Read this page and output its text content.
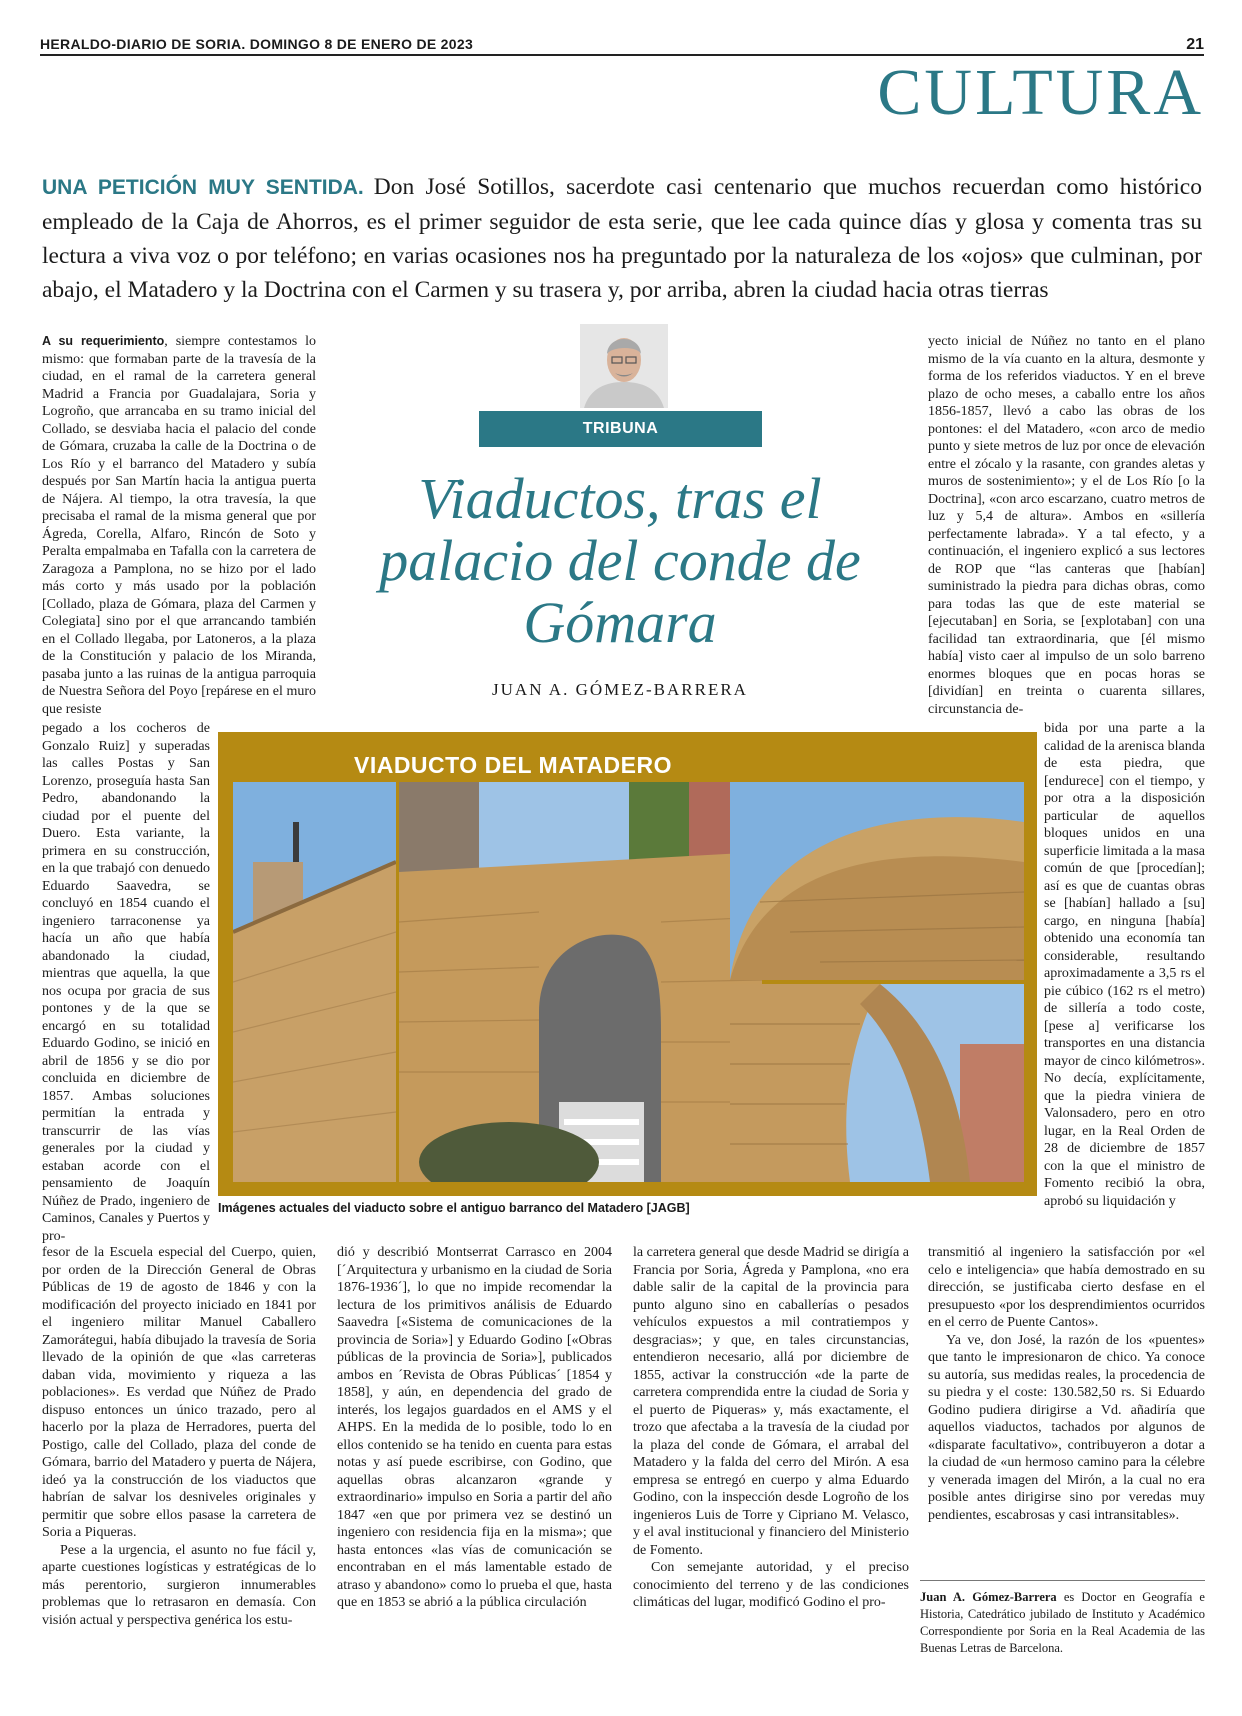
HERALDO-DIARIO DE SORIA. DOMINGO 8 DE ENERO DE 2023	21
CULTURA
UNA PETICIÓN MUY SENTIDA. Don José Sotillos, sacerdote casi centenario que muchos recuerdan como histórico empleado de la Caja de Ahorros, es el primer seguidor de esta serie, que lee cada quince días y glosa y comenta tras su lectura a viva voz o por teléfono; en varias ocasiones nos ha preguntado por la naturaleza de los «ojos» que culminan, por abajo, el Matadero y la Doctrina con el Carmen y su trasera y, por arriba, abren la ciudad hacia otras tierras

A su requerimiento, siempre contestamos lo mismo: que formaban parte de la travesía de la ciudad, en el ramal de la carretera general Madrid a Francia por Guadalajara, Soria y Logroño, que arrancaba en su tramo inicial del Collado, se desviaba hacia el palacio del conde de Gómara, cruzaba la calle de la Doctrina o de Los Río y el barranco del Matadero y subía después por San Martín hacia la antigua puerta de Nájera. Al tiempo, la otra travesía, la que precisaba el ramal de la misma general que por Ágreda, Corella, Alfaro, Rincón de Soto y Peralta empalmaba en Tafalla con la carretera de Zaragoza a Pamplona, no se hizo por el lado más corto y más usado por la población [Collado, plaza de Gómara, plaza del Carmen y Colegiata] sino por el que arrancando también en el Collado llegaba, por Latoneros, a la plaza de la Constitución y palacio de los Miranda, pasaba junto a las ruinas de la antigua parroquia de Nuestra Señora del Poyo [repárese en el muro que resiste

pegado a los cocheros de Gonzalo Ruiz] y superadas las calles Postas y San Lorenzo, proseguía hasta San Pedro, abandonando la ciudad por el puente del Duero. Esta variante, la primera en su construcción, en la que trabajó con denuedo Eduardo Saavedra, se concluyó en 1854 cuando el ingeniero tarraconense ya hacía un año que había abandonado la ciudad, mientras que aquella, la que nos ocupa por gracia de sus pontones y de la que se encargó en su totalidad Eduardo Godino, se inició en abril de 1856 y se dio por concluida en diciembre de 1857. Ambas soluciones permitían la entrada y transcurrir de las vías generales por la ciudad y estaban acorde con el pensamiento de Joaquín Núñez de Prado, ingeniero de Caminos, Canales y Puertos y pro-

fesor de la Escuela especial del Cuerpo, quien, por orden de la Dirección General de Obras Públicas de 19 de agosto de 1846 y con la modificación del proyecto iniciado en 1841 por el ingeniero militar Manuel Caballero Zamorátegui, había dibujado la travesía de Soria llevado de la opinión de que «las carreteras daban vida, movimiento y riqueza a las poblaciones». Es verdad que Núñez de Prado dispuso entonces un único trazado, pero al hacerlo por la plaza de Herradores, puerta del Postigo, calle del Collado, plaza del conde de Gómara, barrio del Matadero y puerta de Nájera, ideó ya la construcción de los viaductos que habrían de salvar los desniveles originales y permitir que sobre ellos pasase la carretera de Soria a Piqueras.

Pese a la urgencia, el asunto no fue fácil y, aparte cuestiones logísticas y estratégicas de lo más perentorio, surgieron innumerables problemas que lo retrasaron en demasía. Con visión actual y perspectiva genérica los estu-

TRIBUNA
Viaductos, tras el palacio del conde de Gómara
JUAN A. GÓMEZ-BARRERA

yecto inicial de Núñez no tanto en el plano mismo de la vía cuanto en la altura, desmonte y forma de los referidos viaductos. Y en el breve plazo de ocho meses, a caballo entre los años 1856-1857, llevó a cabo las obras de los pontones: el del Matadero, «con arco de medio punto y siete metros de luz por once de elevación entre el zócalo y la rasante, con grandes aletas y muros de sostenimiento»; y el de Los Río [o la Doctrina], «con arco escarzano, cuatro metros de luz y 5,4 de altura». Ambos en «sillería perfectamente labrada». Y a tal efecto, y a continuación, el ingeniero explicó a sus lectores de ROP que “las canteras que [habían] suministrado la piedra para dichas obras, como para todas las que de este material se [ejecutaban] en Soria, se [explotaban] con una facilidad tan extraordinaria, que [él mismo había] visto caer al impulso de un solo barreno enormes bloques que en pocas horas se [dividían] en treinta o cuarenta sillares, circunstancia de-

bida por una parte a la calidad de la arenisca blanda de esta piedra, que [endurece] con el tiempo, y por otra a la disposición particular de aquellos bloques unidos en una superficie limitada a la masa común de que [procedían]; así es que de cuantas obras se [habían] hallado a [su] cargo, en ninguna [había] obtenido una economía tan considerable, resultando aproximadamente a 3,5 rs el pie cúbico (162 rs el metro) de sillería a todo coste, [pese a] verificarse los transportes en una distancia mayor de cinco kilómetros». No decía, explícitamente, que la piedra viniera de Valonsadero, pero en otro lugar, en la Real Orden de 28 de diciembre de 1857 con la que el ministro de Fomento recibió la obra, aprobó su liquidación y

transmitió al ingeniero la satisfacción por «el celo e inteligencia» que había demostrado en su dirección, se justificaba cierto desfase en el presupuesto «por los desprendimientos ocurridos en el cerro de Puente Cantos».

Ya ve, don José, la razón de los «puentes» que tanto le impresionaron de chico. Ya conoce su autoría, sus medidas reales, la procedencia de su piedra y el coste: 130.582,50 rs. Si Eduardo Godino pudiera dirigirse a Vd. añadiría que aquellos viaductos, tachados por algunos de «disparate facultativo», contribuyeron a dotar a la ciudad de «un hermoso camino para la célebre y venerada imagen del Mirón, a la cual no era posible antes dirigirse sino por veredas muy pendientes, escabrosas y casi intransitables».

VIADUCTO DEL MATADERO
Imágenes actuales del viaducto sobre el antiguo barranco del Matadero [JAGB]

dió y describió Montserrat Carrasco en 2004 [´Arquitectura y urbanismo en la ciudad de Soria 1876-1936´], lo que no impide recomendar la lectura de los primitivos análisis de Eduardo Saavedra [«Sistema de comunicaciones de la provincia de Soria»] y Eduardo Godino [«Obras públicas de la provincia de Soria»], publicados ambos en ´Revista de Obras Públicas´ [1854 y 1858], y aún, en dependencia del grado de interés, los legajos guardados en el AMS y el AHPS. En la medida de lo posible, todo lo en ellos contenido se ha tenido en cuenta para estas notas y así puede escribirse, con Godino, que aquellas obras alcanzaron «grande y extraordinario» impulso en Soria a partir del año 1847 «en que por primera vez se destinó un ingeniero con residencia fija en la misma»; que hasta entonces «las vías de comunicación se encontraban en el más lamentable estado de atraso y abandono» como lo prueba el que, hasta que en 1853 se abrió a la pública circulación

la carretera general que desde Madrid se dirigía a Francia por Soria, Ágreda y Pamplona, «no era dable salir de la capital de la provincia para punto alguno sino en caballerías o pesados vehículos expuestos a mil contratiempos y desgracias»; y que, en tales circunstancias, entendieron necesario, allá por diciembre de 1855, activar la construcción «de la parte de carretera comprendida entre la ciudad de Soria y el puerto de Piqueras» y, más exactamente, el trozo que afectaba a la travesía de la ciudad por la plaza del conde de Gómara, el arrabal del Matadero y la falda del cerro del Mirón. A esa empresa se entregó en cuerpo y alma Eduardo Godino, con la inspección desde Logroño de los ingenieros Luis de Torre y Cipriano M. Velasco, y el aval institucional y financiero del Ministerio de Fomento.

Con semejante autoridad, y el preciso conocimiento del terreno y de las condiciones climáticas del lugar, modificó Godino el pro-	Juan A. Gómez-Barrera es Doctor en Geografía e Historia, Catedrático jubilado de Instituto y Académico Correspondiente por Soria en la Real Academia de las Buenas Letras de Barcelona.
